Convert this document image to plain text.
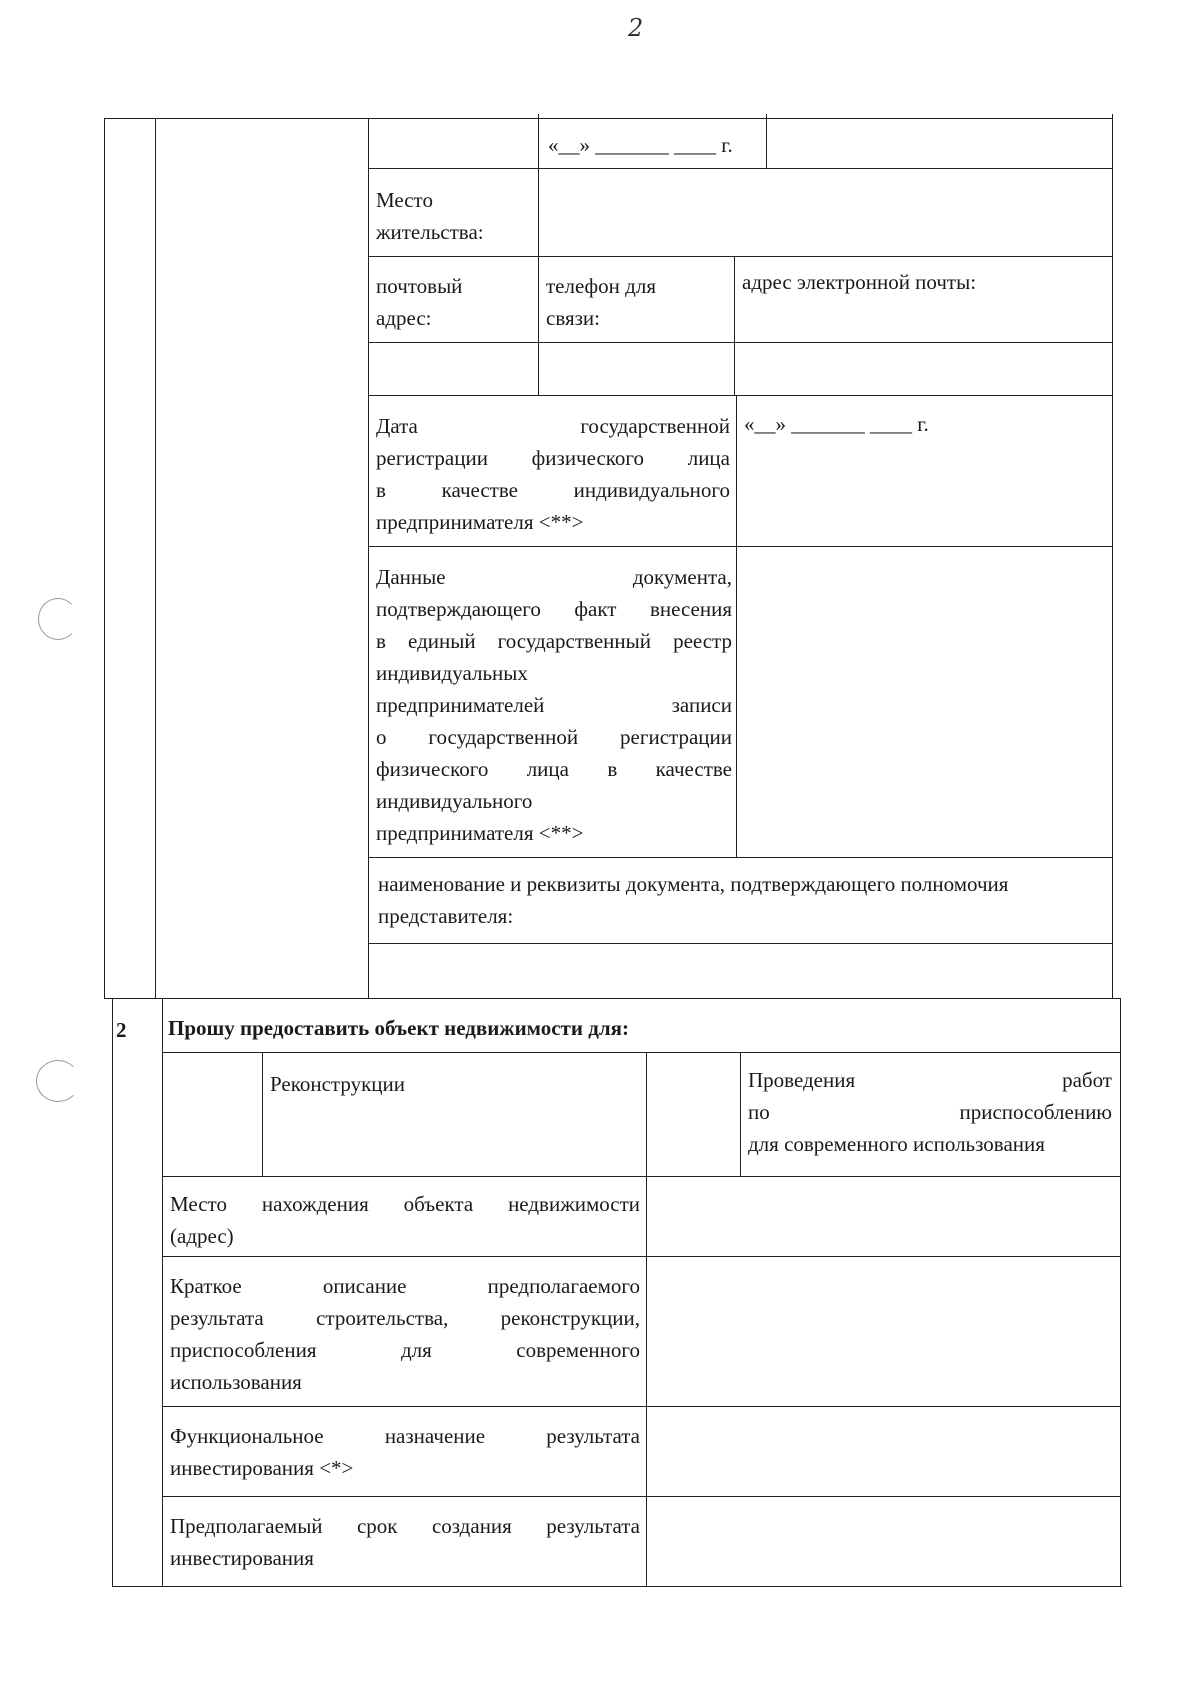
2
«__» _______ ____ г.
Место
жительства:
почтовый
адрес:
телефон для
связи:
адрес электронной почты:
Дата государственной
регистрации физического лица
в качестве индивидуального
предпринимателя <**>
«__» _______ ____ г.
Данные документа,
подтверждающего факт внесения
в единый государственный реестр
индивидуальных
предпринимателей записи
о государственной регистрации
физического лица в качестве
индивидуального
предпринимателя <**>
наименование и реквизиты документа, подтверждающего полномочия
представителя:
2 Прошу предоставить объект недвижимости для:
Реконструкции	Проведения работ
по приспособлению
для современного использования
Место нахождения объекта недвижимости
(адрес)
Краткое описание предполагаемого
результата строительства, реконструкции,
приспособления для современного
использования
Функциональное назначение результата
инвестирования <*>
Предполагаемый срок создания результата
инвестирования
